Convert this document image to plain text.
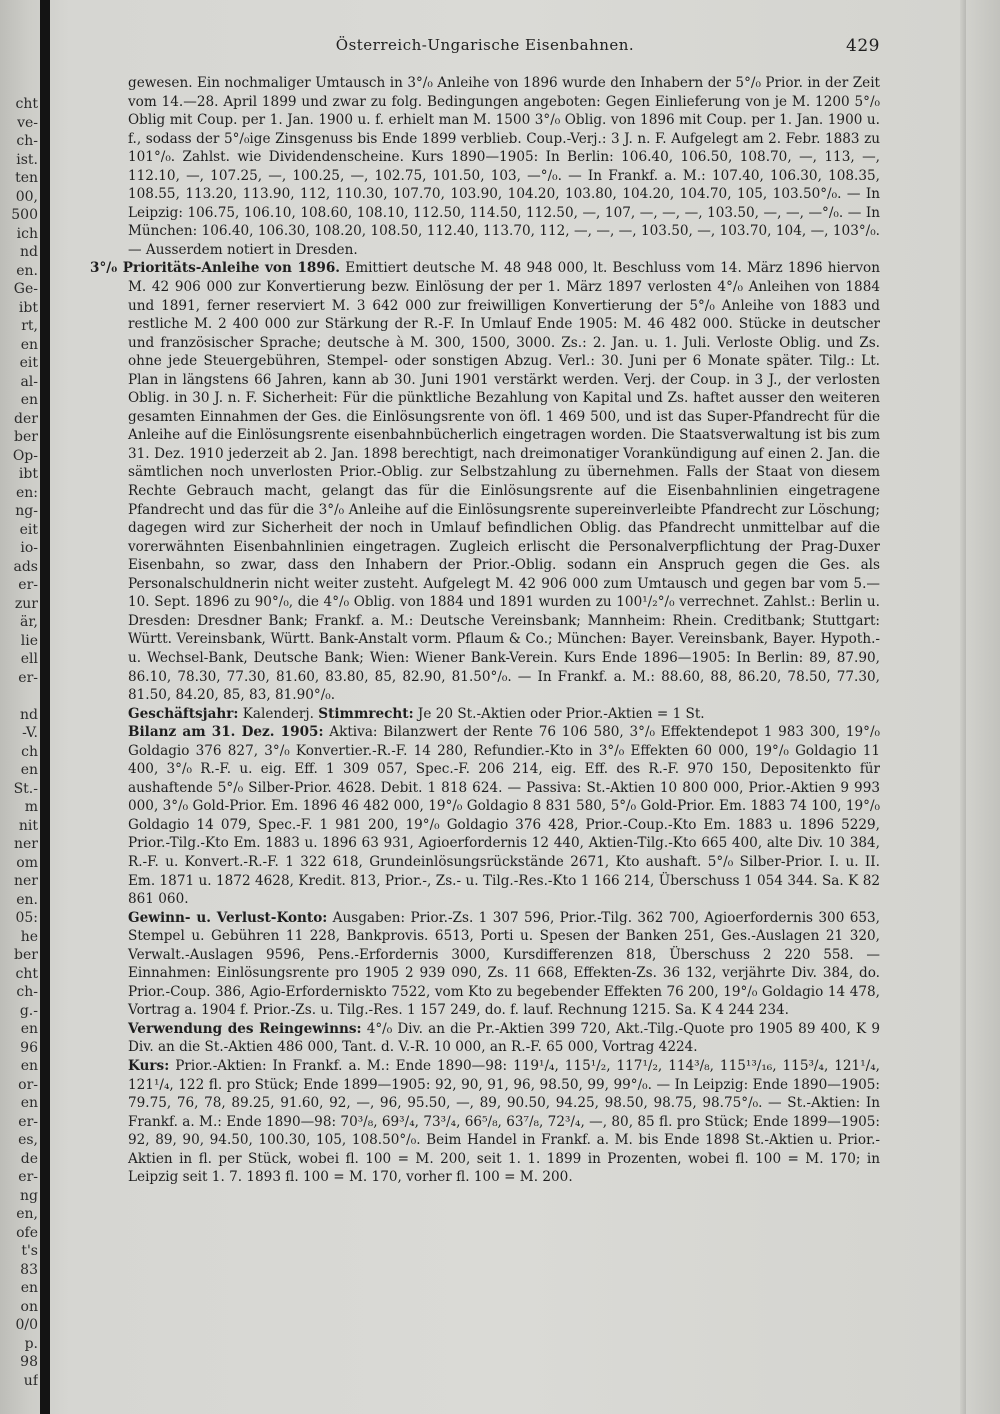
cht
ve-
ch-
ist.
ten
00,
500
ich
nd
en.
Ge-
ibt
rt,
en
eit
al-
en
der
ber
Op-
ibt
en:
ng-
eit
io-
ads
er-
zur
är,
lie
ell
er-
nd
-V.
ch
en
St.-
m
nit
ner
om
ner
en.
05:
he
ber
cht
ch-
g.-
en
96
en
or-
en
er-
es,
de
er-
ng
en,
ofe
t's
83
en
on
0/0
p.
98
uf
Österreich-Ungarische Eisenbahnen.	429

gewesen. Ein nochmaliger Umtausch in 3°/₀ Anleihe von 1896 wurde den Inhabern der 5°/₀ Prior. in der Zeit vom 14.—28. April 1899 und zwar zu folg. Bedingungen angeboten: Gegen Einlieferung von je M. 1200 5°/₀ Oblig mit Coup. per 1. Jan. 1900 u. f. erhielt man M. 1500 3°/₀ Oblig. von 1896 mit Coup. per 1. Jan. 1900 u. f., sodass der 5°/₀ige Zinsgenuss bis Ende 1899 verblieb. Coup.-Verj.: 3 J. n. F. Aufgelegt am 2. Febr. 1883 zu 101°/₀. Zahlst. wie Dividendenscheine. Kurs 1890—1905: In Berlin: 106.40, 106.50, 108.70, —, 113, —, 112.10, —, 107.25, —, 100.25, —, 102.75, 101.50, 103, —°/₀. — In Frankf. a. M.: 107.40, 106.30, 108.35, 108.55, 113.20, 113.90, 112, 110.30, 107.70, 103.90, 104.20, 103.80, 104.20, 104.70, 105, 103.50°/₀. — In Leipzig: 106.75, 106.10, 108.60, 108.10, 112.50, 114.50, 112.50, —, 107, —, —, —, 103.50, —, —, —°/₀. — In München: 106.40, 106.30, 108.20, 108.50, 112.40, 113.70, 112, —, —, —, 103.50, —, 103.70, 104, —, 103°/₀. — Ausserdem notiert in Dresden.

3°/₀ Prioritäts-Anleihe von 1896. Emittiert deutsche M. 48 948 000, lt. Beschluss vom 14. März 1896 hiervon M. 42 906 000 zur Konvertierung bezw. Einlösung der per 1. März 1897 verlosten 4°/₀ Anleihen von 1884 und 1891, ferner reserviert M. 3 642 000 zur freiwilligen Konvertierung der 5°/₀ Anleihe von 1883 und restliche M. 2 400 000 zur Stärkung der R.-F. In Umlauf Ende 1905: M. 46 482 000. Stücke in deutscher und französischer Sprache; deutsche à M. 300, 1500, 3000. Zs.: 2. Jan. u. 1. Juli. Verloste Oblig. und Zs. ohne jede Steuergebühren, Stempel- oder sonstigen Abzug. Verl.: 30. Juni per 6 Monate später. Tilg.: Lt. Plan in längstens 66 Jahren, kann ab 30. Juni 1901 verstärkt werden. Verj. der Coup. in 3 J., der verlosten Oblig. in 30 J. n. F. Sicherheit: Für die pünktliche Bezahlung von Kapital und Zs. haftet ausser den weiteren gesamten Einnahmen der Ges. die Einlösungsrente von öfl. 1 469 500, und ist das Super-Pfandrecht für die Anleihe auf die Einlösungsrente eisenbahnbücherlich eingetragen worden. Die Staatsverwaltung ist bis zum 31. Dez. 1910 jederzeit ab 2. Jan. 1898 berechtigt, nach dreimonatiger Vorankündigung auf einen 2. Jan. die sämtlichen noch unverlosten Prior.-Oblig. zur Selbstzahlung zu übernehmen. Falls der Staat von diesem Rechte Gebrauch macht, gelangt das für die Einlösungsrente auf die Eisenbahnlinien eingetragene Pfandrecht und das für die 3°/₀ Anleihe auf die Einlösungsrente supereinverleibte Pfandrecht zur Löschung; dagegen wird zur Sicherheit der noch in Umlauf befindlichen Oblig. das Pfandrecht unmittelbar auf die vorerwähnten Eisenbahnlinien eingetragen. Zugleich erlischt die Personalverpflichtung der Prag-Duxer Eisenbahn, so zwar, dass den Inhabern der Prior.-Oblig. sodann ein Anspruch gegen die Ges. als Personalschuldnerin nicht weiter zusteht. Aufgelegt M. 42 906 000 zum Umtausch und gegen bar vom 5.—10. Sept. 1896 zu 90°/₀, die 4°/₀ Oblig. von 1884 und 1891 wurden zu 100¹/₂°/₀ verrechnet. Zahlst.: Berlin u. Dresden: Dresdner Bank; Frankf. a. M.: Deutsche Vereinsbank; Mannheim: Rhein. Creditbank; Stuttgart: Württ. Vereinsbank, Württ. Bank-Anstalt vorm. Pflaum & Co.; München: Bayer. Vereinsbank, Bayer. Hypoth.- u. Wechsel-Bank, Deutsche Bank; Wien: Wiener Bank-Verein. Kurs Ende 1896—1905: In Berlin: 89, 87.90, 86.10, 78.30, 77.30, 81.60, 83.80, 85, 82.90, 81.50°/₀. — In Frankf. a. M.: 88.60, 88, 86.20, 78.50, 77.30, 81.50, 84.20, 85, 83, 81.90°/₀.

Geschäftsjahr: Kalenderj. Stimmrecht: Je 20 St.-Aktien oder Prior.-Aktien = 1 St.

Bilanz am 31. Dez. 1905: Aktiva: Bilanzwert der Rente 76 106 580, 3°/₀ Effektendepot 1 983 300, 19°/₀ Goldagio 376 827, 3°/₀ Konvertier.-R.-F. 14 280, Refundier.-Kto in 3°/₀ Effekten 60 000, 19°/₀ Goldagio 11 400, 3°/₀ R.-F. u. eig. Eff. 1 309 057, Spec.-F. 206 214, eig. Eff. des R.-F. 970 150, Depositenkto für aushaftende 5°/₀ Silber-Prior. 4628. Debit. 1 818 624. — Passiva: St.-Aktien 10 800 000, Prior.-Aktien 9 993 000, 3°/₀ Gold-Prior. Em. 1896 46 482 000, 19°/₀ Goldagio 8 831 580, 5°/₀ Gold-Prior. Em. 1883 74 100, 19°/₀ Goldagio 14 079, Spec.-F. 1 981 200, 19°/₀ Goldagio 376 428, Prior.-Coup.-Kto Em. 1883 u. 1896 5229, Prior.-Tilg.-Kto Em. 1883 u. 1896 63 931, Agioerfordernis 12 440, Aktien-Tilg.-Kto 665 400, alte Div. 10 384, R.-F. u. Konvert.-R.-F. 1 322 618, Grundeinlösungsrückstände 2671, Kto aushaft. 5°/₀ Silber-Prior. I. u. II. Em. 1871 u. 1872 4628, Kredit. 813, Prior.-, Zs.- u. Tilg.-Res.-Kto 1 166 214, Überschuss 1 054 344. Sa. K 82 861 060.

Gewinn- u. Verlust-Konto: Ausgaben: Prior.-Zs. 1 307 596, Prior.-Tilg. 362 700, Agioerfordernis 300 653, Stempel u. Gebühren 11 228, Bankprovis. 6513, Porti u. Spesen der Banken 251, Ges.-Auslagen 21 320, Verwalt.-Auslagen 9596, Pens.-Erfordernis 3000, Kursdifferenzen 818, Überschuss 2 220 558. — Einnahmen: Einlösungsrente pro 1905 2 939 090, Zs. 11 668, Effekten-Zs. 36 132, verjährte Div. 384, do. Prior.-Coup. 386, Agio-Erforderniskto 7522, vom Kto zu begebender Effekten 76 200, 19°/₀ Goldagio 14 478, Vortrag a. 1904 f. Prior.-Zs. u. Tilg.-Res. 1 157 249, do. f. lauf. Rechnung 1215. Sa. K 4 244 234.

Verwendung des Reingewinns: 4°/₀ Div. an die Pr.-Aktien 399 720, Akt.-Tilg.-Quote pro 1905 89 400, K 9 Div. an die St.-Aktien 486 000, Tant. d. V.-R. 10 000, an R.-F. 65 000, Vortrag 4224.

Kurs: Prior.-Aktien: In Frankf. a. M.: Ende 1890—98: 119¹/₄, 115¹/₂, 117¹/₂, 114³/₈, 115¹³/₁₆, 115³/₄, 121¹/₄, 121¹/₄, 122 fl. pro Stück; Ende 1899—1905: 92, 90, 91, 96, 98.50, 99, 99°/₀. — In Leipzig: Ende 1890—1905: 79.75, 76, 78, 89.25, 91.60, 92, —, 96, 95.50, —, 89, 90.50, 94.25, 98.50, 98.75, 98.75°/₀. — St.-Aktien: In Frankf. a. M.: Ende 1890—98: 70³/₈, 69³/₄, 73³/₄, 66⁵/₈, 63⁷/₈, 72³/₄, —, 80, 85 fl. pro Stück; Ende 1899—1905: 92, 89, 90, 94.50, 100.30, 105, 108.50°/₀. Beim Handel in Frankf. a. M. bis Ende 1898 St.-Aktien u. Prior.-Aktien in fl. per Stück, wobei fl. 100 = M. 200, seit 1. 1. 1899 in Prozenten, wobei fl. 100 = M. 170; in Leipzig seit 1. 7. 1893 fl. 100 = M. 170, vorher fl. 100 = M. 200.
